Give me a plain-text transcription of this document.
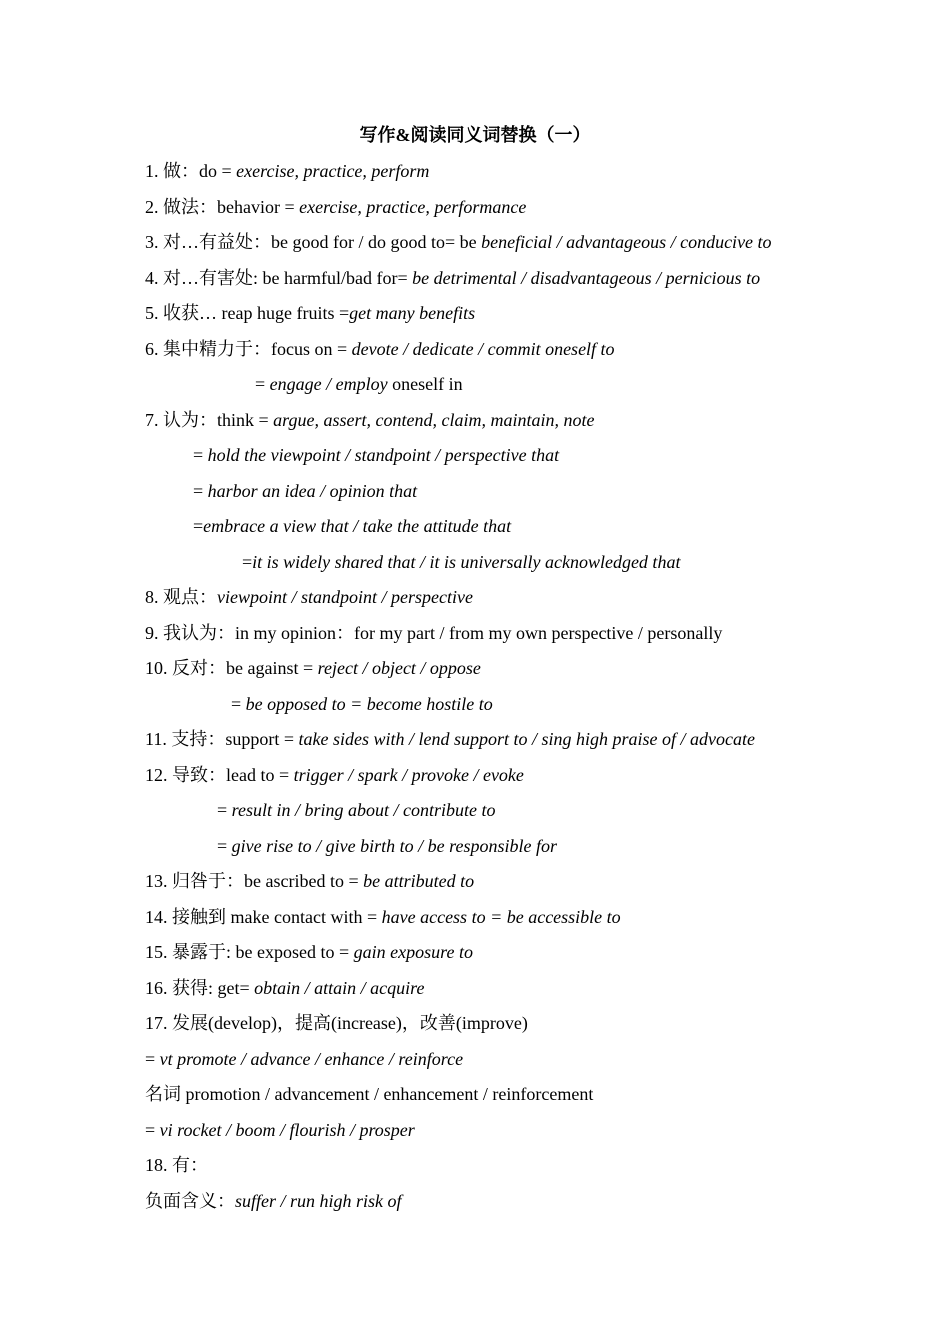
写作&阅读同义词替换（一）
1. 做：do = exercise, practice, perform
2. 做法：behavior = exercise, practice, performance
3. 对…有益处：be good for / do good to= be beneficial / advantageous / conducive to
4. 对…有害处: be harmful/bad for= be detrimental / disadvantageous / pernicious to
5. 收获… reap huge fruits =get many benefits
6. 集中精力于：focus on = devote / dedicate / commit oneself to
= engage / employ oneself in
7. 认为：think = argue, assert, contend, claim, maintain, note
= hold the viewpoint / standpoint / perspective that
= harbor an idea / opinion that
=embrace a view that / take the attitude that
=it is widely shared that / it is universally acknowledged that
8. 观点：viewpoint / standpoint / perspective
9. 我认为：in my opinion：for my part / from my own perspective / personally
10. 反对：be against = reject / object / oppose
= be opposed to = become hostile to
11. 支持：support = take sides with / lend support to / sing high praise of / advocate
12. 导致：lead to = trigger / spark / provoke / evoke
= result in / bring about / contribute to
= give rise to / give birth to / be responsible for
13. 归咎于：be ascribed to = be attributed to
14. 接触到 make contact with = have access to = be accessible to
15. 暴露于: be exposed to = gain exposure to
16. 获得: get= obtain / attain / acquire
17. 发展(develop)，提高(increase)，改善(improve)
= vt promote / advance / enhance / reinforce
名词 promotion / advancement / enhancement / reinforcement
= vi rocket / boom / flourish / prosper
18. 有：
负面含义：suffer / run high risk of
